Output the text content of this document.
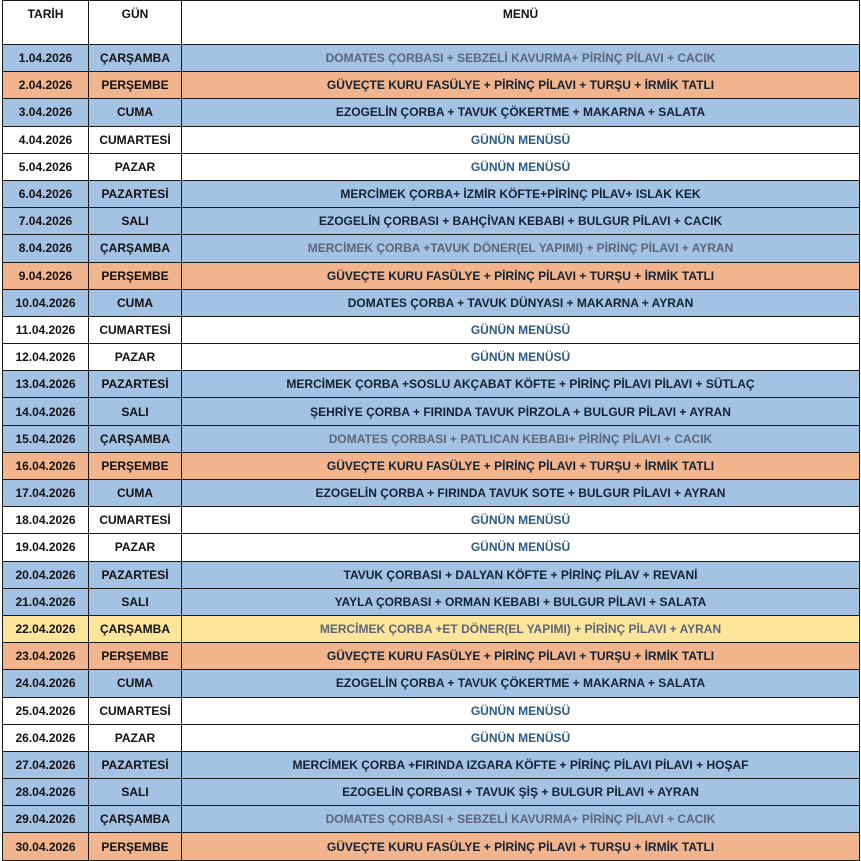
TARİH	GÜN	MENÜ
1.04.2026	ÇARŞAMBA	DOMATES ÇORBASI + SEBZELİ KAVURMA+ PİRİNÇ PİLAVI + CACIK
2.04.2026	PERŞEMBE	GÜVEÇTE KURU FASÜLYE + PİRİNÇ PİLAVI + TURŞU + İRMİK TATLI
3.04.2026	CUMA	EZOGELİN ÇORBA + TAVUK ÇÖKERTME + MAKARNA + SALATA
4.04.2026	CUMARTESİ	GÜNÜN MENÜSÜ
5.04.2026	PAZAR	GÜNÜN MENÜSÜ
6.04.2026	PAZARTESİ	MERCİMEK ÇORBA+ İZMİR KÖFTE+PİRİNÇ PİLAV+ ISLAK KEK
7.04.2026	SALI	EZOGELİN ÇORBASI + BAHÇİVAN KEBABI + BULGUR PİLAVI + CACIK
8.04.2026	ÇARŞAMBA	MERCİMEK ÇORBA +TAVUK DÖNER(EL YAPIMI) + PİRİNÇ PİLAVI + AYRAN
9.04.2026	PERŞEMBE	GÜVEÇTE KURU FASÜLYE + PİRİNÇ PİLAVI + TURŞU + İRMİK TATLI
10.04.2026	CUMA	DOMATES ÇORBA + TAVUK DÜNYASI + MAKARNA + AYRAN
11.04.2026	CUMARTESİ	GÜNÜN MENÜSÜ
12.04.2026	PAZAR	GÜNÜN MENÜSÜ
13.04.2026	PAZARTESİ	MERCİMEK ÇORBA +SOSLU AKÇABAT KÖFTE + PİRİNÇ PİLAVI PİLAVI + SÜTLAÇ
14.04.2026	SALI	ŞEHRİYE ÇORBA + FIRINDA TAVUK PİRZOLA + BULGUR PİLAVI + AYRAN
15.04.2026	ÇARŞAMBA	DOMATES ÇORBASI + PATLICAN KEBABI+ PİRİNÇ PİLAVI + CACIK
16.04.2026	PERŞEMBE	GÜVEÇTE KURU FASÜLYE + PİRİNÇ PİLAVI + TURŞU + İRMİK TATLI
17.04.2026	CUMA	EZOGELİN ÇORBA + FIRINDA TAVUK SOTE + BULGUR PİLAVI + AYRAN
18.04.2026	CUMARTESİ	GÜNÜN MENÜSÜ
19.04.2026	PAZAR	GÜNÜN MENÜSÜ
20.04.2026	PAZARTESİ	TAVUK ÇORBASI + DALYAN KÖFTE + PİRİNÇ PİLAV + REVANİ
21.04.2026	SALI	YAYLA ÇORBASI + ORMAN KEBABI + BULGUR PİLAVI + SALATA
22.04.2026	ÇARŞAMBA	MERCİMEK ÇORBA +ET DÖNER(EL YAPIMI) + PİRİNÇ PİLAVI + AYRAN
23.04.2026	PERŞEMBE	GÜVEÇTE KURU FASÜLYE + PİRİNÇ PİLAVI + TURŞU + İRMİK TATLI
24.04.2026	CUMA	EZOGELİN ÇORBA + TAVUK ÇÖKERTME + MAKARNA + SALATA
25.04.2026	CUMARTESİ	GÜNÜN MENÜSÜ
26.04.2026	PAZAR	GÜNÜN MENÜSÜ
27.04.2026	PAZARTESİ	MERCİMEK ÇORBA +FIRINDA IZGARA KÖFTE + PİRİNÇ PİLAVI PİLAVI + HOŞAF
28.04.2026	SALI	EZOGELİN ÇORBASI + TAVUK ŞİŞ + BULGUR PİLAVI + AYRAN
29.04.2026	ÇARŞAMBA	DOMATES ÇORBASI + SEBZELİ KAVURMA+ PİRİNÇ PİLAVI + CACIK
30.04.2026	PERŞEMBE	GÜVEÇTE KURU FASÜLYE + PİRİNÇ PİLAVI + TURŞU + İRMİK TATLI
